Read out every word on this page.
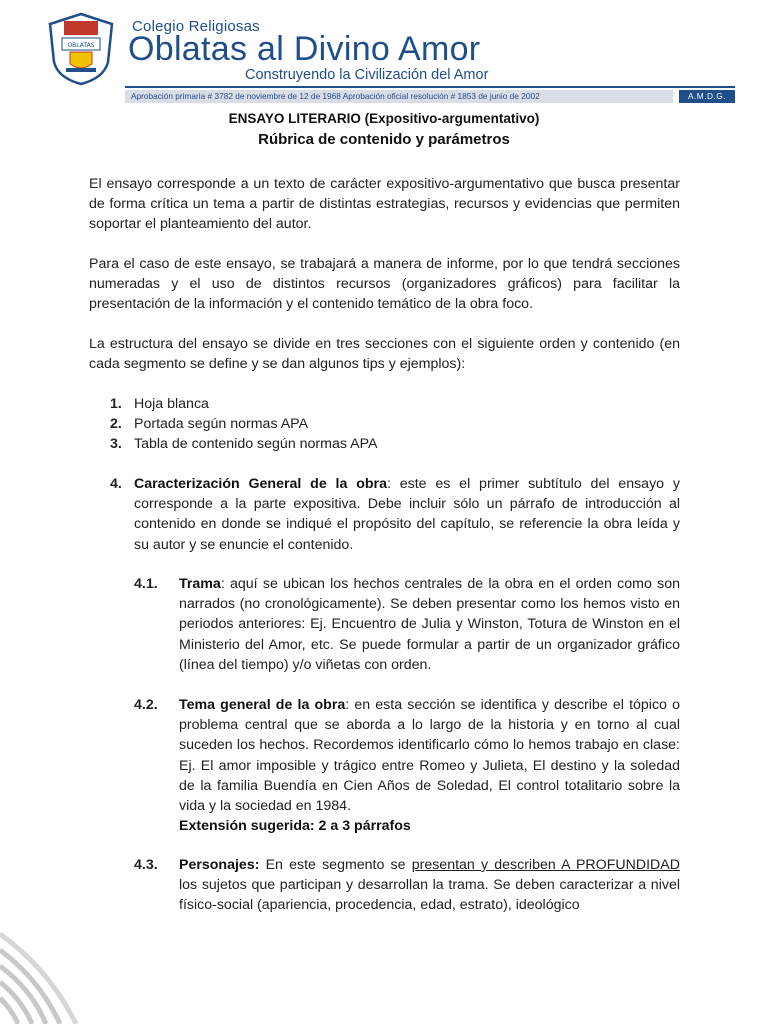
OBLATAS
Colegio Religiosas
Oblatas al Divino Amor
Construyendo la Civilización del Amor
Aprobación primaria # 3782 de noviembre de 12 de 1968 Aprobación oficial resolución # 1853 de junio de 2002	A.M.D.G.
ENSAYO LITERARIO (Expositivo-argumentativo)
Rúbrica de contenido y parámetros
El ensayo corresponde a un texto de carácter expositivo-argumentativo que busca presentar de forma crítica un tema a partir de distintas estrategias, recursos y evidencias que permiten soportar el planteamiento del autor.
Para el caso de este ensayo, se trabajará a manera de informe, por lo que tendrá secciones numeradas y el uso de distintos recursos (organizadores gráficos) para facilitar la presentación de la información y el contenido temático de la obra foco.
La estructura del ensayo se divide en tres secciones con el siguiente orden y contenido (en cada segmento se define y se dan algunos tips y ejemplos):
1. Hoja blanca
2. Portada según normas APA
3. Tabla de contenido según normas APA
4. Caracterización General de la obra: este es el primer subtítulo del ensayo y corresponde a la parte expositiva. Debe incluir sólo un párrafo de introducción al contenido en donde se indiqué el propósito del capítulo, se referencie la obra leída y su autor y se enuncie el contenido.
4.1.	Trama: aquí se ubican los hechos centrales de la obra en el orden como son narrados (no cronológicamente). Se deben presentar como los hemos visto en periodos anteriores: Ej. Encuentro de Julia y Winston, Totura de Winston en el Ministerio del Amor, etc. Se puede formular a partir de un organizador gráfico (línea del tiempo) y/o viñetas con orden.
4.2.	Tema general de la obra: en esta sección se identifica y describe el tópico o problema central que se aborda a lo largo de la historia y en torno al cual suceden los hechos. Recordemos identificarlo cómo lo hemos trabajo en clase: Ej. El amor imposible y trágico entre Romeo y Julieta, El destino y la soledad de la familia Buendía en Cien Años de Soledad, El control totalitario sobre la vida y la sociedad en 1984.
Extensión sugerida: 2 a 3 párrafos
4.3.	Personajes: En este segmento se presentan y describen A PROFUNDIDAD los sujetos que participan y desarrollan la trama. Se deben caracterizar a nivel físico-social (apariencia, procedencia, edad, estrato), ideológico
